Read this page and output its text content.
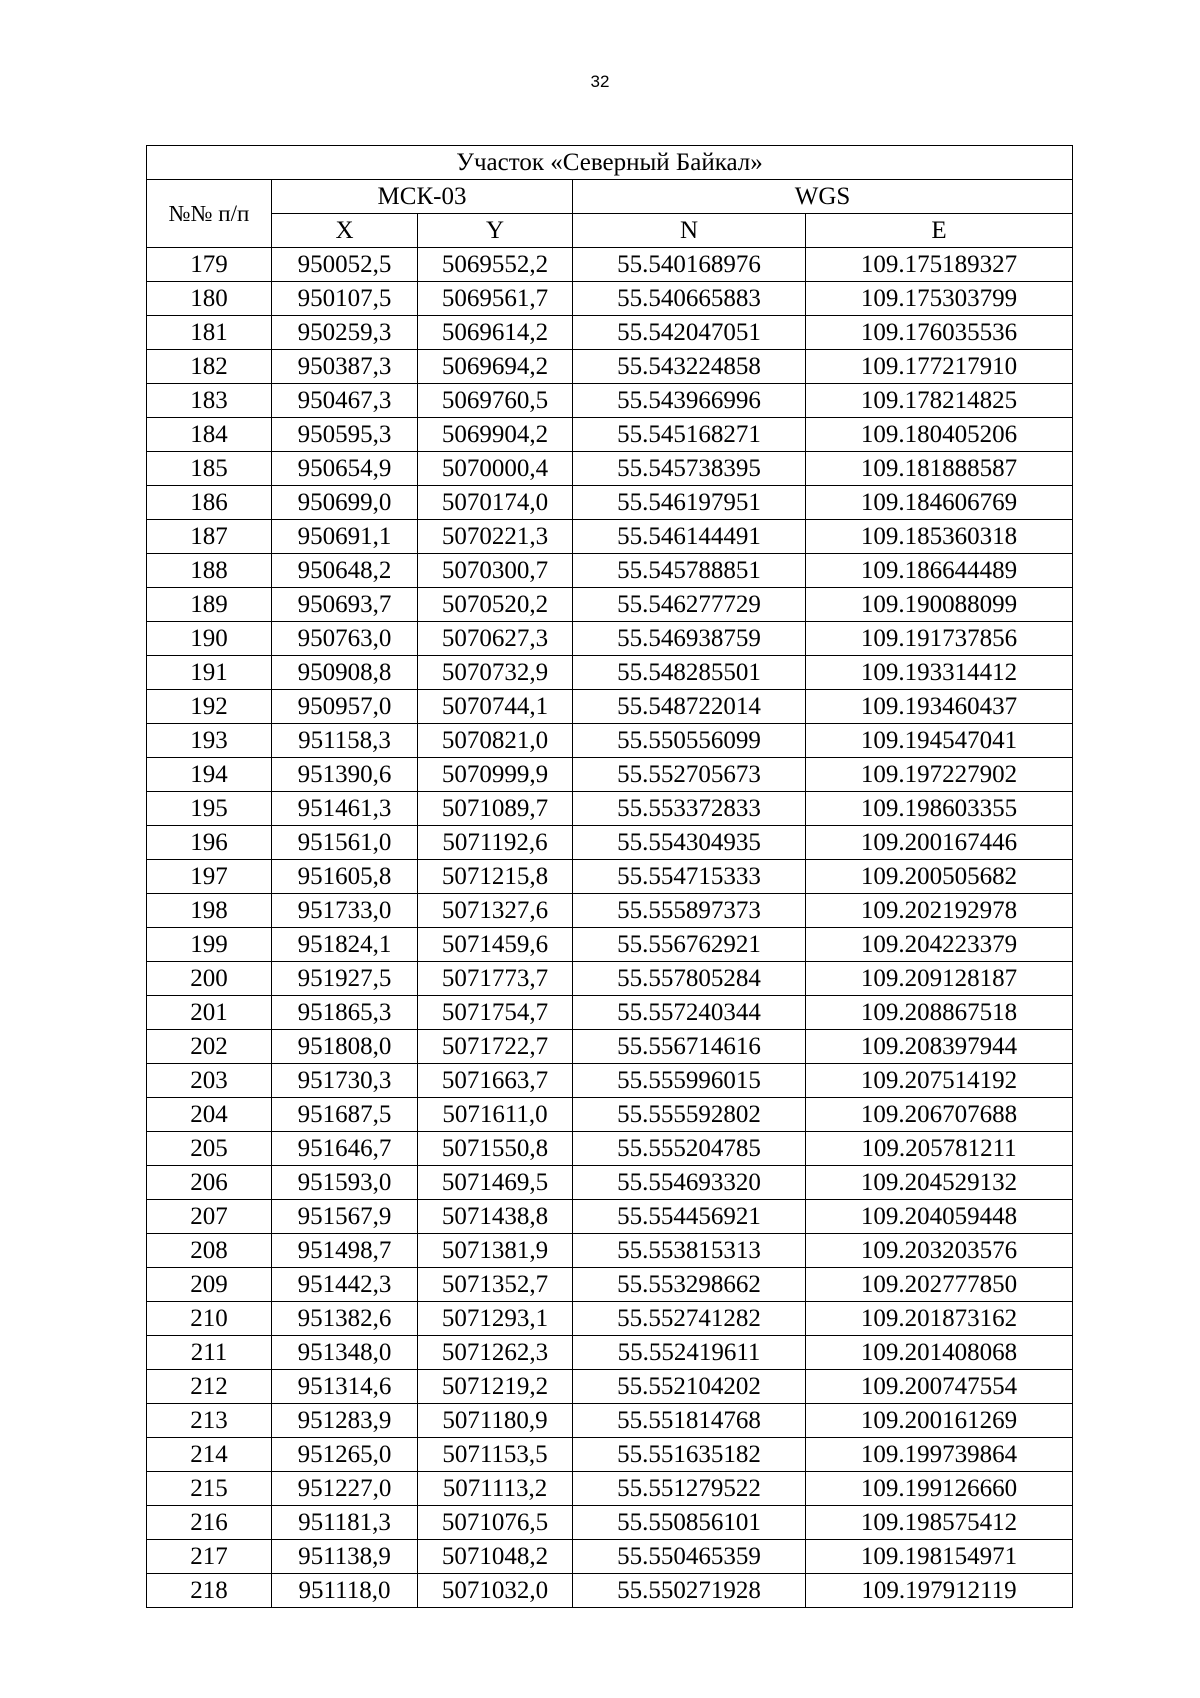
32
Участок «Северный Байкал»				
№№ п/п	МСК-03		WGS	
	X	Y	N	E
179	950052,5	5069552,2	55.540168976	109.175189327
180	950107,5	5069561,7	55.540665883	109.175303799
181	950259,3	5069614,2	55.542047051	109.176035536
182	950387,3	5069694,2	55.543224858	109.177217910
183	950467,3	5069760,5	55.543966996	109.178214825
184	950595,3	5069904,2	55.545168271	109.180405206
185	950654,9	5070000,4	55.545738395	109.181888587
186	950699,0	5070174,0	55.546197951	109.184606769
187	950691,1	5070221,3	55.546144491	109.185360318
188	950648,2	5070300,7	55.545788851	109.186644489
189	950693,7	5070520,2	55.546277729	109.190088099
190	950763,0	5070627,3	55.546938759	109.191737856
191	950908,8	5070732,9	55.548285501	109.193314412
192	950957,0	5070744,1	55.548722014	109.193460437
193	951158,3	5070821,0	55.550556099	109.194547041
194	951390,6	5070999,9	55.552705673	109.197227902
195	951461,3	5071089,7	55.553372833	109.198603355
196	951561,0	5071192,6	55.554304935	109.200167446
197	951605,8	5071215,8	55.554715333	109.200505682
198	951733,0	5071327,6	55.555897373	109.202192978
199	951824,1	5071459,6	55.556762921	109.204223379
200	951927,5	5071773,7	55.557805284	109.209128187
201	951865,3	5071754,7	55.557240344	109.208867518
202	951808,0	5071722,7	55.556714616	109.208397944
203	951730,3	5071663,7	55.555996015	109.207514192
204	951687,5	5071611,0	55.555592802	109.206707688
205	951646,7	5071550,8	55.555204785	109.205781211
206	951593,0	5071469,5	55.554693320	109.204529132
207	951567,9	5071438,8	55.554456921	109.204059448
208	951498,7	5071381,9	55.553815313	109.203203576
209	951442,3	5071352,7	55.553298662	109.202777850
210	951382,6	5071293,1	55.552741282	109.201873162
211	951348,0	5071262,3	55.552419611	109.201408068
212	951314,6	5071219,2	55.552104202	109.200747554
213	951283,9	5071180,9	55.551814768	109.200161269
214	951265,0	5071153,5	55.551635182	109.199739864
215	951227,0	5071113,2	55.551279522	109.199126660
216	951181,3	5071076,5	55.550856101	109.198575412
217	951138,9	5071048,2	55.550465359	109.198154971
218	951118,0	5071032,0	55.550271928	109.197912119
